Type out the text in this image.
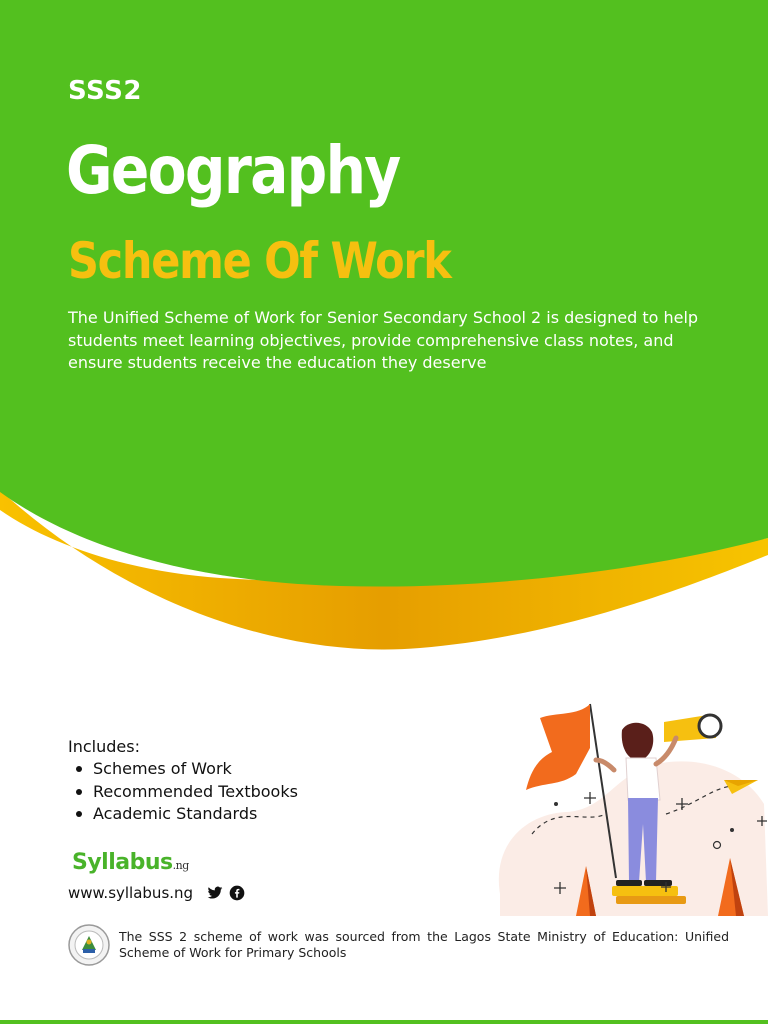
SSS2
Geography
Scheme Of Work

The Unified Scheme of Work for Senior Secondary School 2 is designed to help students meet learning objectives, provide comprehensive class notes, and ensure students receive the education they deserve

Includes:
Schemes of Work
Recommended Textbooks
Academic Standards
Syllabus.ng
www.syllabus.ng

The SSS 2 scheme of work was sourced from the Lagos State Ministry of Education: Unified Scheme of Work for Primary Schools
